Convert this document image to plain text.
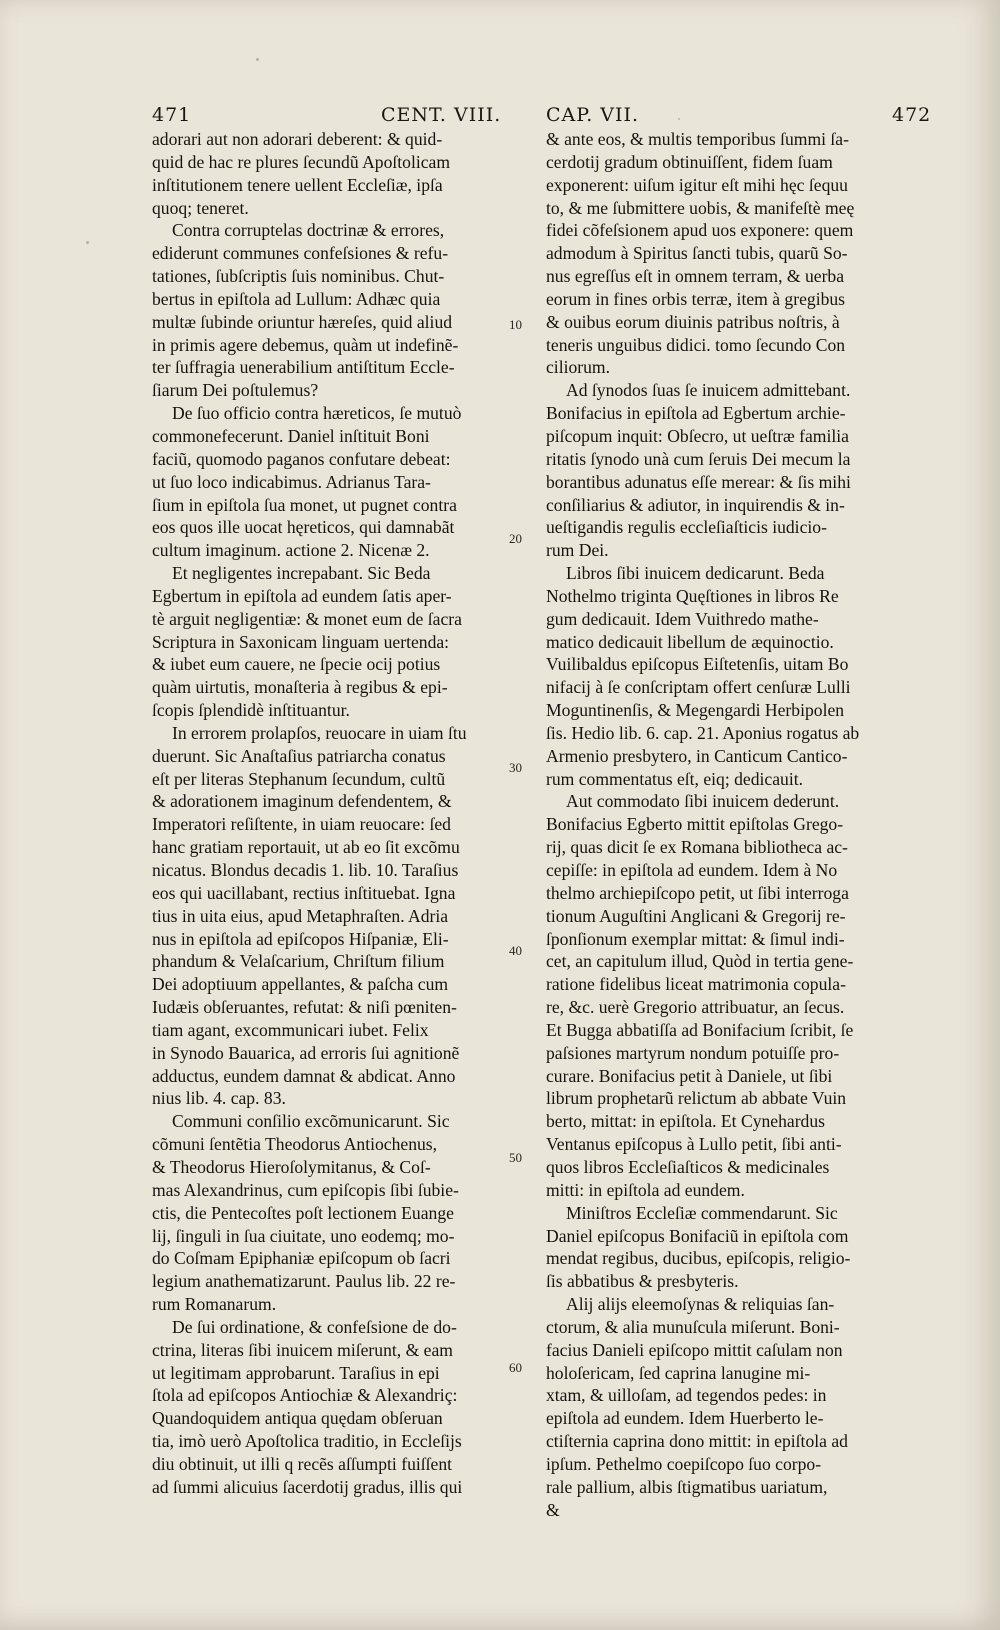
471	CENT. VIII. CAP. VII.	472
adorari aut non adorari deberent: & quid-
quid de hac re plures ſecundũ Apoſtolicam
inſtitutionem tenere uellent Eccleſiæ, ipſa
quoq; teneret.
Contra corruptelas doctrinæ & errores,
ediderunt communes confeſsiones & refu-
tationes, ſubſcriptis ſuis nominibus. Chut-
bertus in epiſtola ad Lullum: Adhæc quia
multæ ſubinde oriuntur hæreſes, quid aliud
in primis agere debemus, quàm ut indefinẽ-
ter ſuffragia uenerabilium antiſtitum Eccle-
ſiarum Dei poſtulemus?
De ſuo officio contra hæreticos, ſe mutuò
commonefecerunt. Daniel inſtituit Boni
faciũ, quomodo paganos confutare debeat:
ut ſuo loco indicabimus. Adrianus Tara-
ſium in epiſtola ſua monet, ut pugnet contra
eos quos ille uocat hęreticos, qui damnabãt
cultum imaginum. actione 2. Nicenæ 2.
Et negligentes increpabant. Sic Beda
Egbertum in epiſtola ad eundem ſatis aper-
tè arguit negligentiæ: & monet eum de ſacra
Scriptura in Saxonicam linguam uertenda:
& iubet eum cauere, ne ſpecie ocij potius
quàm uirtutis, monaſteria à regibus & epi-
ſcopis ſplendidè inſtituantur.
In errorem prolapſos, reuocare in uiam ſtu
duerunt. Sic Anaſtaſius patriarcha conatus
eſt per literas Stephanum ſecundum, cultũ
& adorationem imaginum defendentem, &
Imperatori reſiſtente, in uiam reuocare: ſed
hanc gratiam reportauit, ut ab eo ſit excõmu
nicatus. Blondus decadis 1. lib. 10. Taraſius
eos qui uacillabant, rectius inſtituebat. Igna
tius in uita eius, apud Metaphraſten. Adria
nus in epiſtola ad epiſcopos Hiſpaniæ, Eli-
phandum & Velaſcarium, Chriſtum filium
Dei adoptiuum appellantes, & paſcha cum
Iudæis obſeruantes, refutat: & niſi pœniten-
tiam agant, excommunicari iubet. Felix
in Synodo Bauarica, ad erroris ſui agnitionẽ
adductus, eundem damnat & abdicat. Anno
nius lib. 4. cap. 83.
Communi conſilio excõmunicarunt. Sic
cõmuni ſentẽtia Theodorus Antiochenus,
& Theodorus Hieroſolymitanus, & Coſ-
mas Alexandrinus, cum epiſcopis ſibi ſubie-
ctis, die Pentecoſtes poſt lectionem Euange
lij, ſinguli in ſua ciuitate, uno eodemq; mo-
do Coſmam Epiphaniæ epiſcopum ob ſacri
legium anathematizarunt. Paulus lib. 22 re-
rum Romanarum.
De ſui ordinatione, & confeſsione de do-
ctrina, literas ſibi inuicem miſerunt, & eam
ut legitimam approbarunt. Taraſius in epi
ſtola ad epiſcopos Antiochiæ & Alexandriç:
Quandoquidem antiqua quędam obſeruan
tia, imò uerò Apoſtolica traditio, in Eccleſijs
diu obtinuit, ut illi q recẽs aſſumpti fuiſſent
ad ſummi alicuius ſacerdotij gradus, illis qui
& ante eos, & multis temporibus ſummi ſa-
cerdotij gradum obtinuiſſent, fidem ſuam
exponerent: uiſum igitur eſt mihi hęc ſequu
to, & me ſubmittere uobis, & manifeſtè meę
fidei cõfeſsionem apud uos exponere: quem
admodum à Spiritus ſancti tubis, quarũ So-
nus egreſſus eſt in omnem terram, & uerba
eorum in fines orbis terræ, item à gregibus
& ouibus eorum diuinis patribus noſtris, à
teneris unguibus didici. tomo ſecundo Con
ciliorum.
Ad ſynodos ſuas ſe inuicem admittebant.
Bonifacius in epiſtola ad Egbertum archie-
piſcopum inquit: Obſecro, ut ueſtræ familia
ritatis ſynodo unà cum ſeruis Dei mecum la
borantibus adunatus eſſe merear: & ſis mihi
conſiliarius & adiutor, in inquirendis & in-
ueſtigandis regulis eccleſiaſticis iudicio-
rum Dei.
Libros ſibi inuicem dedicarunt. Beda
Nothelmo triginta Quęſtiones in libros Re
gum dedicauit. Idem Vuithredo mathe-
matico dedicauit libellum de æquinoctio.
Vuilibaldus epiſcopus Eiſtetenſis, uitam Bo
nifacij à ſe conſcriptam offert cenſuræ Lulli
Moguntinenſis, & Megengardi Herbipolen
ſis. Hedio lib. 6. cap. 21. Aponius rogatus ab
Armenio presbytero, in Canticum Cantico-
rum commentatus eſt, eiq; dedicauit.
Aut commodato ſibi inuicem dederunt.
Bonifacius Egberto mittit epiſtolas Grego-
rij, quas dicit ſe ex Romana bibliotheca ac-
cepiſſe: in epiſtola ad eundem. Idem à No
thelmo archiepiſcopo petit, ut ſibi interroga
tionum Auguſtini Anglicani & Gregorij re-
ſponſionum exemplar mittat: & ſimul indi-
cet, an capitulum illud, Quòd in tertia gene-
ratione fidelibus liceat matrimonia copula-
re, &c. uerè Gregorio attribuatur, an ſecus.
Et Bugga abbatiſſa ad Bonifacium ſcribit, ſe
paſsiones martyrum nondum potuiſſe pro-
curare. Bonifacius petit à Daniele, ut ſibi
librum prophetarũ relictum ab abbate Vuin
berto, mittat: in epiſtola. Et Cynehardus
Ventanus epiſcopus à Lullo petit, ſibi anti-
quos libros Eccleſiaſticos & medicinales
mitti: in epiſtola ad eundem.
Miniſtros Eccleſiæ commendarunt. Sic
Daniel epiſcopus Bonifaciũ in epiſtola com
mendat regibus, ducibus, epiſcopis, religio-
ſis abbatibus & presbyteris.
Alij alijs eleemoſynas & reliquias ſan-
ctorum, & alia munuſcula miſerunt. Boni-
facius Danieli epiſcopo mittit caſulam non
holoſericam, ſed caprina lanugine mi-
xtam, & uilloſam, ad tegendos pedes: in
epiſtola ad eundem. Idem Huerberto le-
ctiſternia caprina dono mittit: in epiſtola ad
ipſum. Pethelmo coepiſcopo ſuo corpo-
rale pallium, albis ſtigmatibus uariatum,
&
10
20
30
40
50
60
